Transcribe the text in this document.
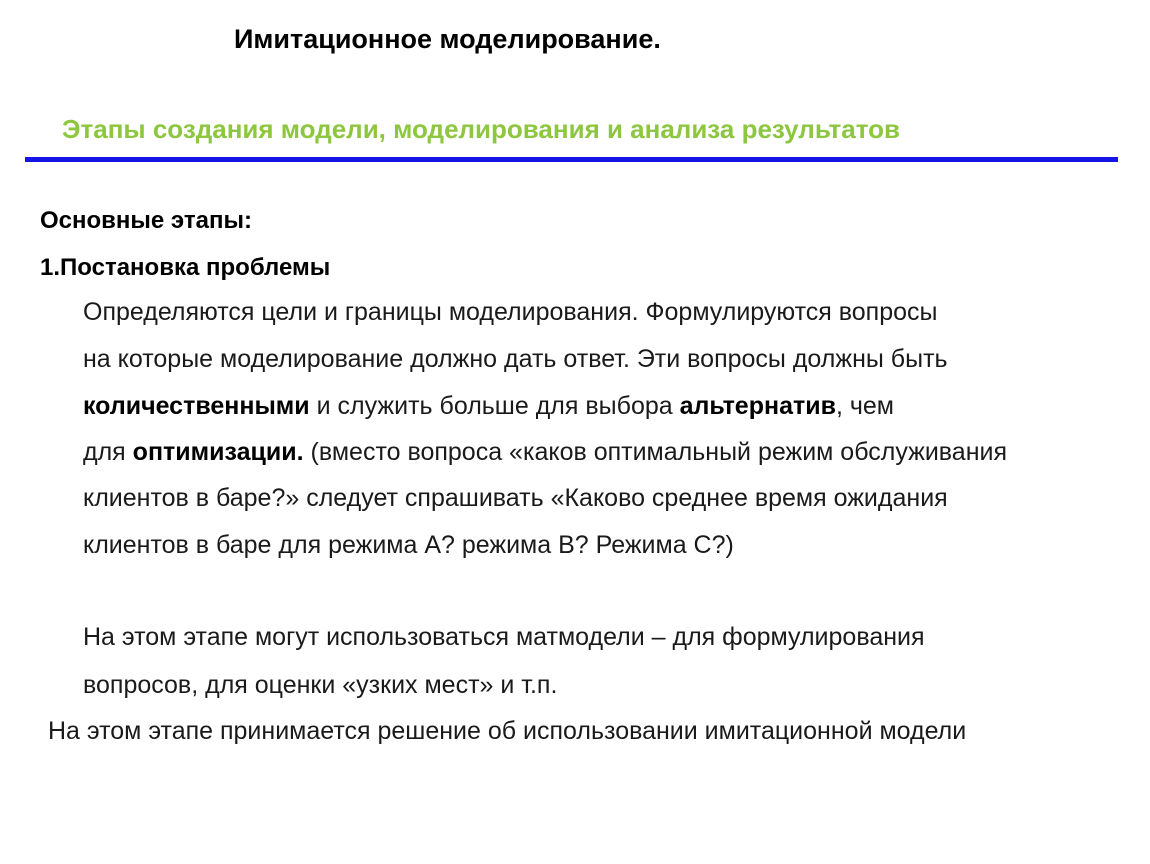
Имитационное моделирование.
Этапы создания модели, моделирования и анализа результатов
Основные этапы:
1.Постановка проблемы
Определяются цели и границы моделирования. Формулируются вопросы
на которые моделирование должно дать ответ. Эти вопросы должны быть
количественными и служить больше для выбора альтернатив, чем
для оптимизации. (вместо вопроса «каков оптимальный режим обслуживания
клиентов в баре?» следует спрашивать «Каково среднее время ожидания
клиентов в баре для режима А? режима В? Режима С?)
На этом этапе могут использоваться матмодели – для формулирования
вопросов, для оценки «узких мест» и т.п.
На этом этапе принимается решение об использовании имитационной модели
